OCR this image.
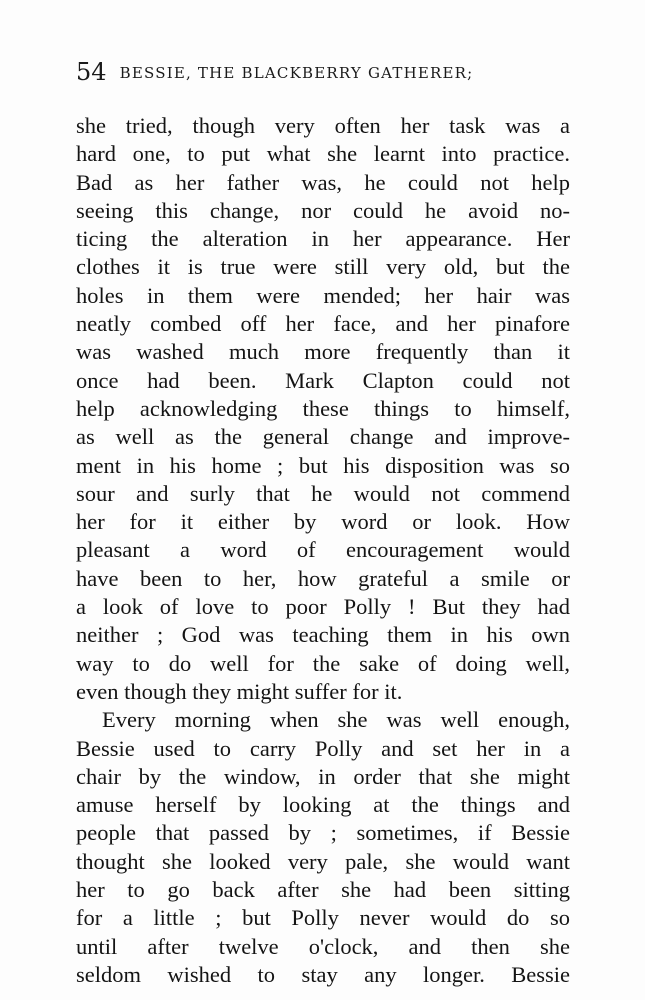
54 BESSIE, THE BLACKBERRY GATHERER;
she tried, though very often her task was a
hard one, to put what she learnt into practice.
Bad as her father was, he could not help
seeing this change, nor could he avoid no-
ticing the alteration in her appearance. Her
clothes it is true were still very old, but the
holes in them were mended; her hair was
neatly combed off her face, and her pinafore
was washed much more frequently than it
once had been. Mark Clapton could not
help acknowledging these things to himself,
as well as the general change and improve-
ment in his home ; but his disposition was so
sour and surly that he would not commend
her for it either by word or look. How
pleasant a word of encouragement would
have been to her, how grateful a smile or
a look of love to poor Polly ! But they had
neither ; God was teaching them in his own
way to do well for the sake of doing well,
even though they might suffer for it.
Every morning when she was well enough,
Bessie used to carry Polly and set her in a
chair by the window, in order that she might
amuse herself by looking at the things and
people that passed by ; sometimes, if Bessie
thought she looked very pale, she would want
her to go back after she had been sitting
for a little ; but Polly never would do so
until after twelve o'clock, and then she
seldom wished to stay any longer. Bessie
